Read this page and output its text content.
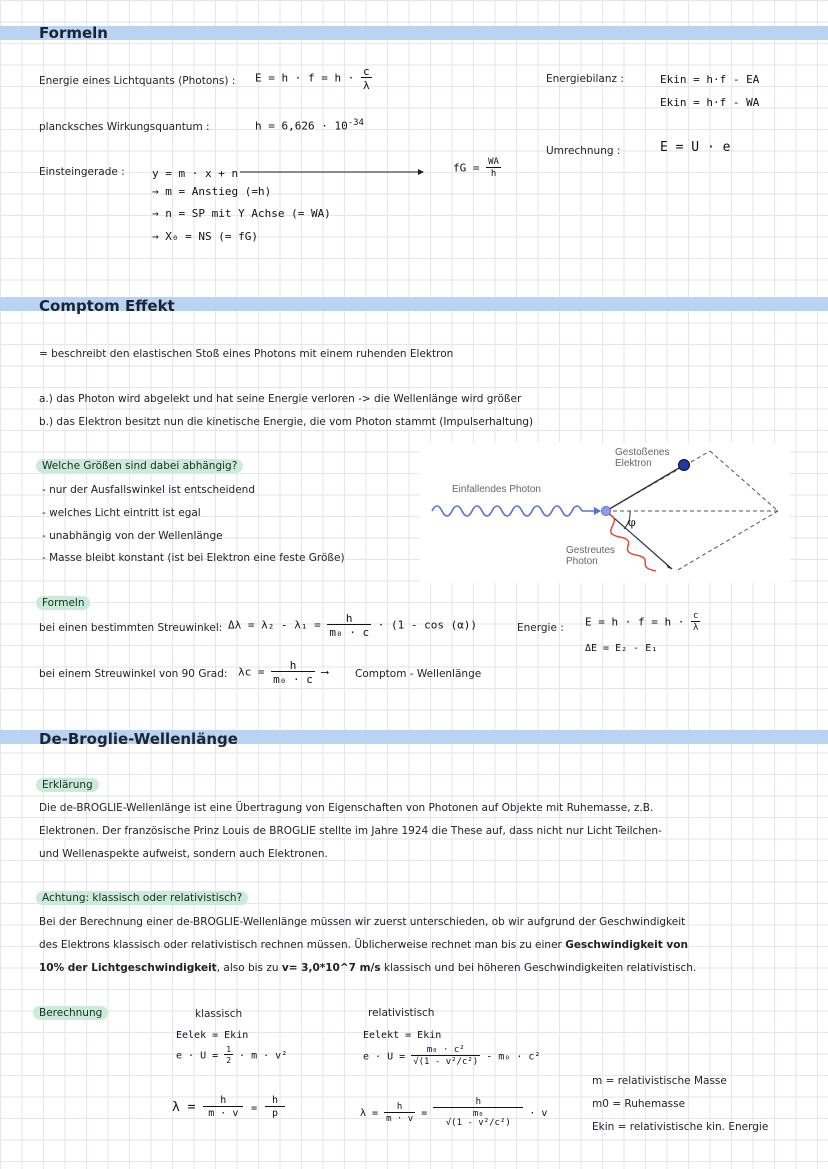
Formeln
Energie eines Lichtquants (Photons) : $E = h \cdot f = h \cdot \frac{c}{\lambda}$
plancksches Wirkungsquantum :	$h = 6,626 \cdot 10^{-34}$
Einsteingerade : y = m · x + n	fG = $\frac{WA}{h}$
→ m = Anstieg (=h)
→ n = SP mit Y Achse (= WA)
→ X₀ = NS (= fG)
Energiebilanz :	Ekin = h·f - EA
Ekin = h·f - WA
Umrechnung :	E = U · e
Comptom Effekt
= beschreibt den elastischen Stoß eines Photons mit einem ruhenden Elektron
a.) das Photon wird abgelekt und hat seine Energie verloren -> die Wellenlänge wird größer
b.) das Elektron besitzt nun die kinetische Energie, die vom Photon stammt (Impulserhaltung)
Welche Größen sind dabei abhängig?
- nur der Ausfallswinkel ist entscheidend
- welches Licht eintritt ist egal
- unabhängig von der Wellenlänge
- Masse bleibt konstant (ist bei Elektron eine feste Größe)
φ
Gestoßenes
Elektron
Einfallendes Photon
Gestreutes
Photon
Formeln
bei einen bestimmten Streuwinkel: $\Delta\lambda = \lambda_2 - \lambda_1 = \frac{h}{\text{m₀ · c}} \cdot (1 - \cos (\alpha))$	Energie : $E = h \cdot f = h \cdot \frac{c}{\lambda}$
ΔE = E₂ - E₁
bei einem Streuwinkel von 90 Grad: $\lambda c = \frac{h}{\text{m₀ · c}}$ ⟶	Comptom - Wellenlänge
De-Broglie-Wellenlänge
Erklärung
Die de-BROGLIE-Wellenlänge ist eine Übertragung von Eigenschaften von Photonen auf Objekte mit Ruhemasse, z.B.
Elektronen. Der französische Prinz Louis de BROGLIE stellte im Jahre 1924 die These auf, dass nicht nur Licht Teilchen-
und Wellenaspekte aufweist, sondern auch Elektronen.
Achtung: klassisch oder relativistisch?
Bei der Berechnung einer de-BROGLIE-Wellenlänge müssen wir zuerst unterschieden, ob wir aufgrund der Geschwindigkeit
des Elektrons klassisch oder relativistisch rechnen müssen. Üblicherweise rechnet man bis zu einer Geschwindigkeit von
10% der Lichtgeschwindigkeit, also bis zu v= 3,0*10^7 m/s klassisch und bei höheren Geschwindigkeiten relativistisch.
Berechnung	klassisch	relativistisch
Eelek = Ekin
$e \cdot U = \frac{1}{2} \cdot m \cdot v^2$
$\lambda = \frac{h}{m \cdot v} = \frac{h}{p}$
Eelekt = Ekin
$e \cdot U = \frac{\text{m₀ · c²}}{\text{√(1 - v²/c²)}} - m_0 \cdot c^2$
$\lambda = \frac{h}{m \cdot v}$ =
h
m₀
√(1 - v²/c²)
· v
m = relativistische Masse
m0 = Ruhemasse
Ekin = relativistische kin. Energie
